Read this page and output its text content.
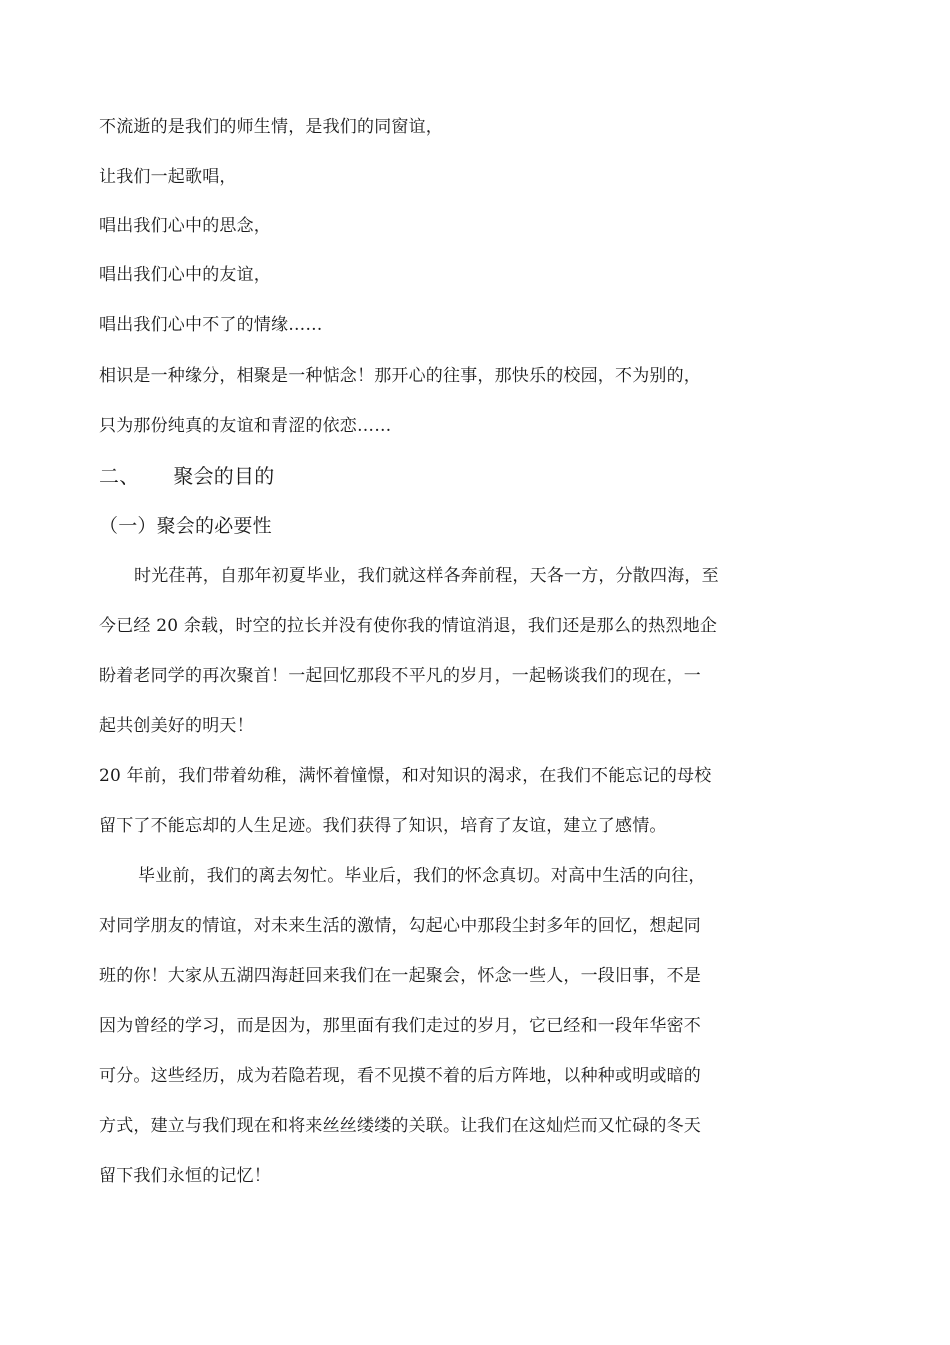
不流逝的是我们的师生情，是我们的同窗谊，
让我们一起歌唱，
唱出我们心中的思念，
唱出我们心中的友谊，
唱出我们心中不了的情缘……
相识是一种缘分，相聚是一种惦念！那开心的往事，那快乐的校园，不为别的，
只为那份纯真的友谊和青涩的依恋……
二、 聚会的目的
（一）聚会的必要性
时光荏苒，自那年初夏毕业，我们就这样各奔前程，天各一方，分散四海，至
今已经 20 余载，时空的拉长并没有使你我的情谊消退，我们还是那么的热烈地企
盼着老同学的再次聚首！一起回忆那段不平凡的岁月，一起畅谈我们的现在，一
起共创美好的明天！
20 年前，我们带着幼稚，满怀着憧憬，和对知识的渴求，在我们不能忘记的母校
留下了不能忘却的人生足迹。我们获得了知识，培育了友谊，建立了感情。
毕业前，我们的离去匆忙。毕业后，我们的怀念真切。对高中生活的向往，
对同学朋友的情谊，对未来生活的激情，勾起心中那段尘封多年的回忆，想起同
班的你！大家从五湖四海赶回来我们在一起聚会，怀念一些人，一段旧事，不是
因为曾经的学习，而是因为，那里面有我们走过的岁月，它已经和一段年华密不
可分。这些经历，成为若隐若现，看不见摸不着的后方阵地，以种种或明或暗的
方式，建立与我们现在和将来丝丝缕缕的关联。让我们在这灿烂而又忙碌的冬天
留下我们永恒的记忆！
